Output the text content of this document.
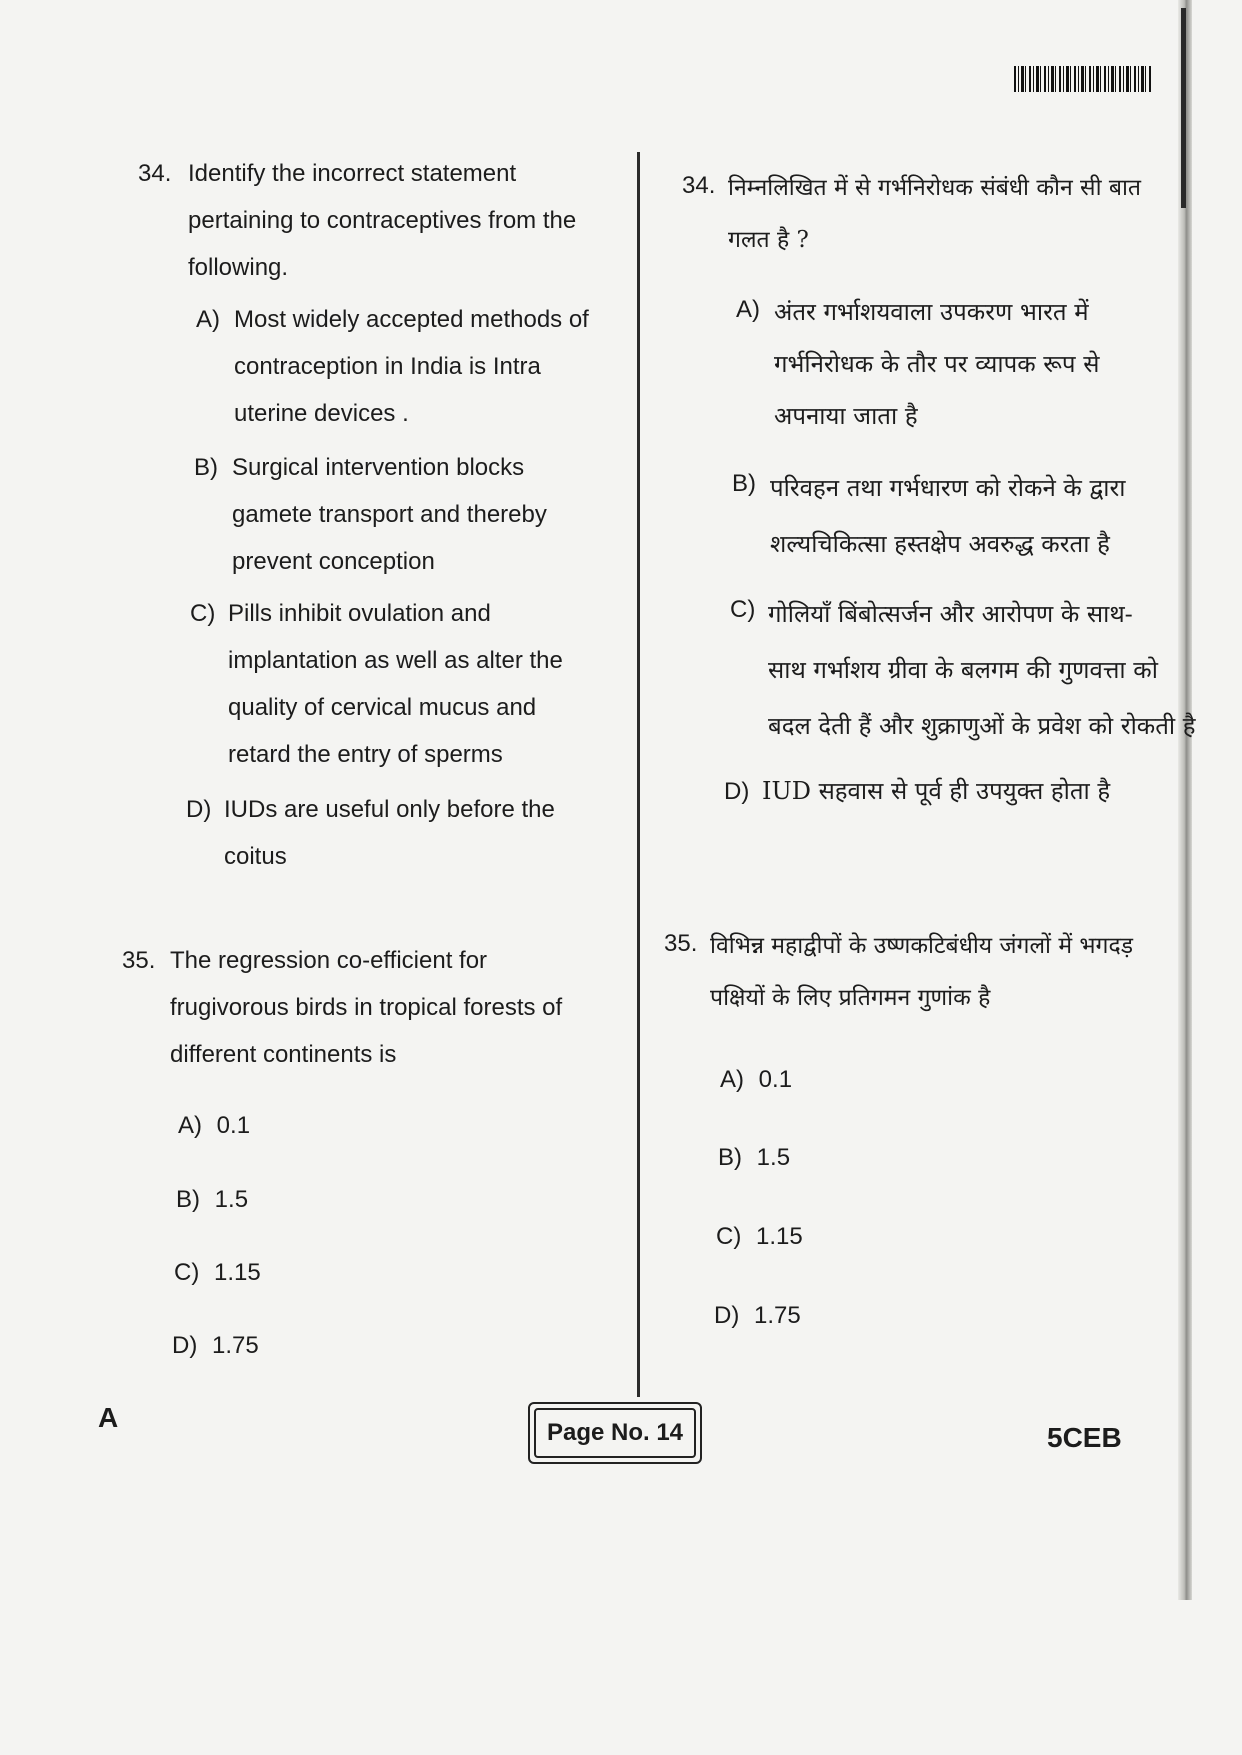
34. Identify the incorrect statement
pertaining to contraceptives from the
following.
A) Most widely accepted methods of
contraception in India is Intra
uterine devices .
B) Surgical intervention blocks
gamete transport and thereby
prevent conception
C) Pills inhibit ovulation and
implantation as well as alter the
quality of cervical mucus and
retard the entry of sperms
D) IUDs are useful only before the
coitus
35. The regression co-efficient for
frugivorous birds in tropical forests of
different continents is
A) 0.1
B) 1.5
C) 1.15
D) 1.75
34. निम्नलिखित में से गर्भनिरोधक संबंधी कौन सी बात
गलत है ?
A) अंतर गर्भाशयवाला उपकरण भारत में
गर्भनिरोधक के तौर पर व्यापक रूप से
अपनाया जाता है
B) परिवहन तथा गर्भधारण को रोकने के द्वारा
शल्यचिकित्सा हस्तक्षेप अवरुद्ध करता है
C) गोलियाँ बिंबोत्सर्जन और आरोपण के साथ-
साथ गर्भाशय ग्रीवा के बलगम की गुणवत्ता को
बदल देती हैं और शुक्राणुओं के प्रवेश को रोकती है
D) IUD सहवास से पूर्व ही उपयुक्त होता है
35. विभिन्न महाद्वीपों के उष्णकटिबंधीय जंगलों में भगदड़
पक्षियों के लिए प्रतिगमन गुणांक है
A) 0.1
B) 1.5
C) 1.15
D) 1.75
A	Page No. 14	5CEB
